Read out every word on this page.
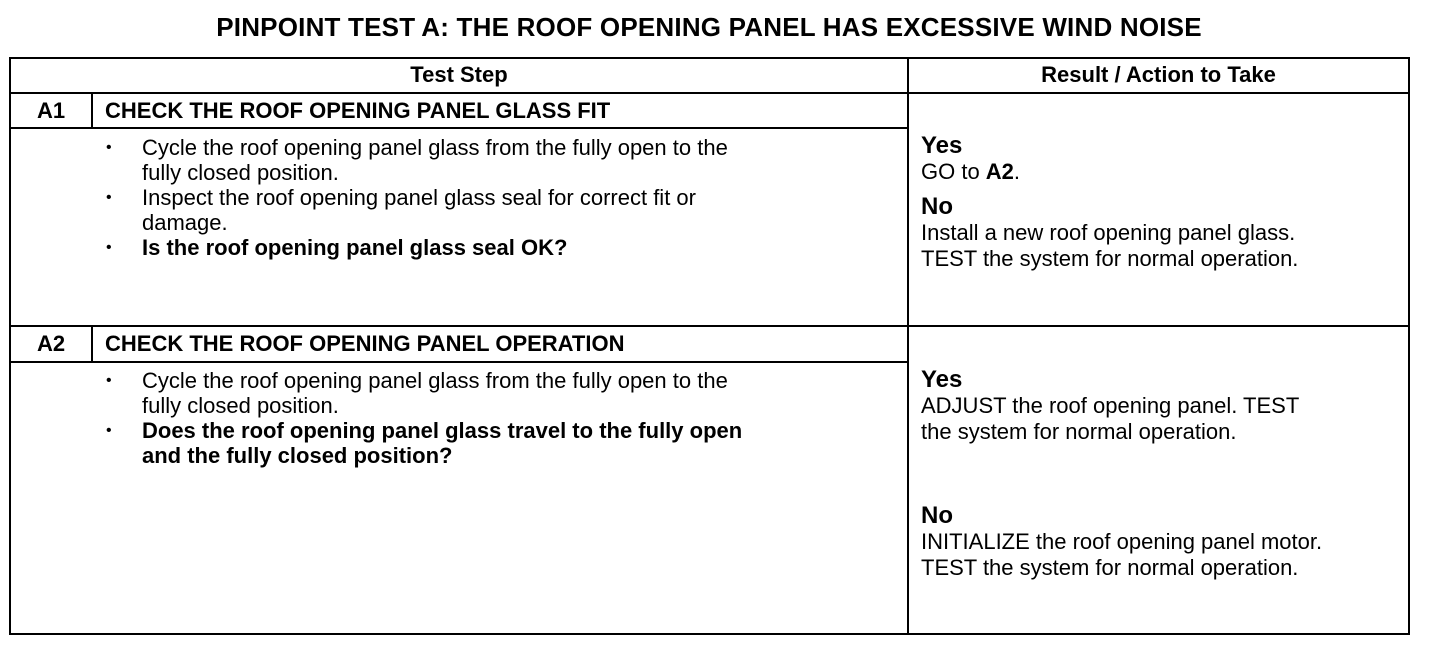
PINPOINT TEST A: THE ROOF OPENING PANEL HAS EXCESSIVE WIND NOISE
Test Step	Result / Action to Take
A1	CHECK THE ROOF OPENING PANEL GLASS FIT
• Cycle the roof opening panel glass from the fully open to the
fully closed position.
• Inspect the roof opening panel glass seal for correct fit or
damage.
• Is the roof opening panel glass seal OK?
Yes
GO to A2.
No
Install a new roof opening panel glass.
TEST the system for normal operation.
A2	CHECK THE ROOF OPENING PANEL OPERATION
• Cycle the roof opening panel glass from the fully open to the
fully closed position.
• Does the roof opening panel glass travel to the fully open
and the fully closed position?
Yes
ADJUST the roof opening panel. TEST
the system for normal operation.
No
INITIALIZE the roof opening panel motor.
TEST the system for normal operation.
